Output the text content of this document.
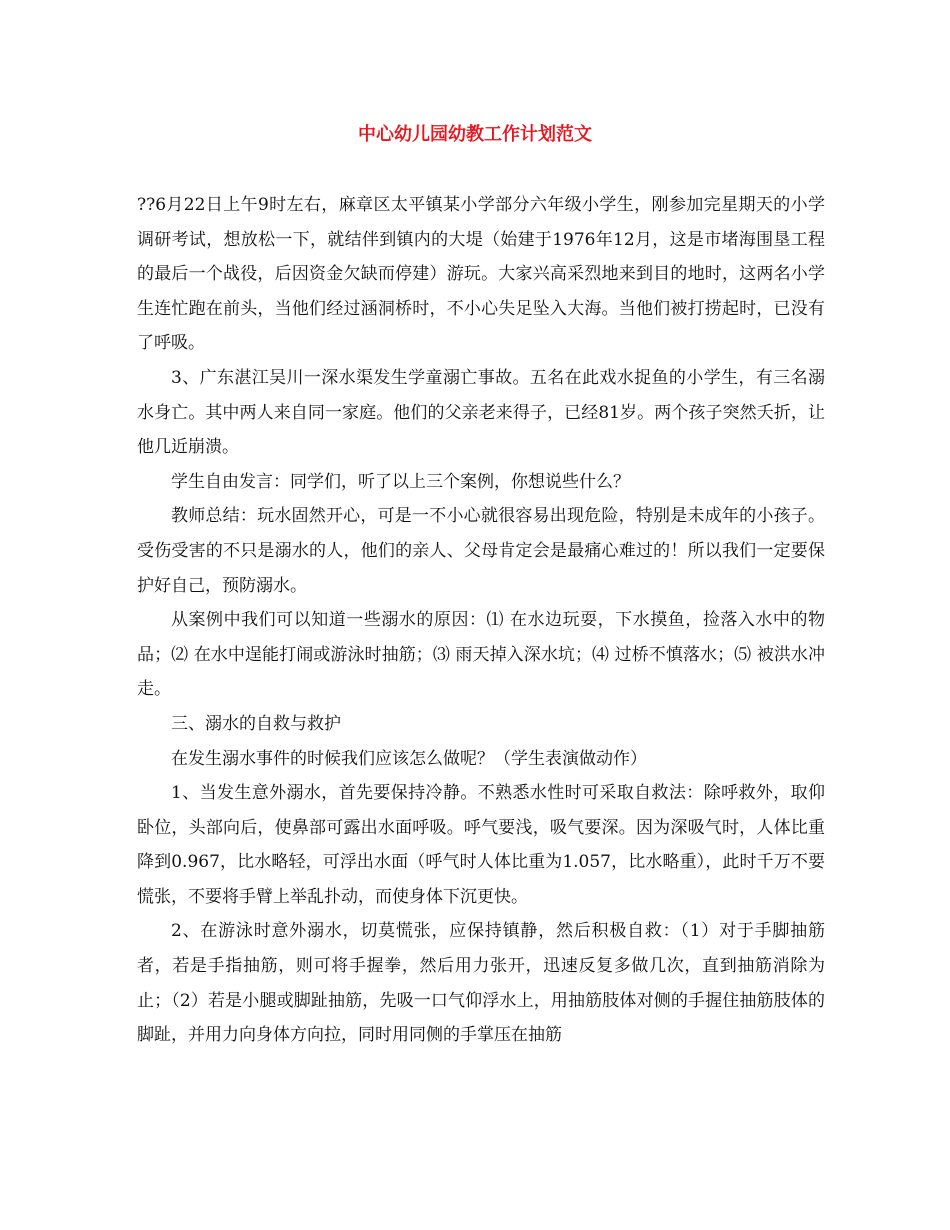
中心幼儿园幼教工作计划范文

??6月22日上午9时左右，麻章区太平镇某小学部分六年级小学生，刚参加完星期天的小学调研考试，想放松一下，就结伴到镇内的大堤（始建于1976年12月，这是市堵海围垦工程的最后一个战役，后因资金欠缺而停建）游玩。大家兴高采烈地来到目的地时，这两名小学生连忙跑在前头，当他们经过涵洞桥时，不小心失足坠入大海。当他们被打捞起时，已没有了呼吸。

3、广东湛江吴川一深水渠发生学童溺亡事故。五名在此戏水捉鱼的小学生，有三名溺水身亡。其中两人来自同一家庭。他们的父亲老来得子，已经81岁。两个孩子突然夭折，让他几近崩溃。

学生自由发言：同学们，听了以上三个案例，你想说些什么？

教师总结：玩水固然开心，可是一不小心就很容易出现危险，特别是未成年的小孩子。受伤受害的不只是溺水的人，他们的亲人、父母肯定会是最痛心难过的！所以我们一定要保护好自己，预防溺水。

从案例中我们可以知道一些溺水的原因：⑴ 在水边玩耍，下水摸鱼，捡落入水中的物品；⑵ 在水中逞能打闹或游泳时抽筋；⑶ 雨天掉入深水坑；⑷ 过桥不慎落水；⑸ 被洪水冲走。

三、溺水的自救与救护

在发生溺水事件的时候我们应该怎么做呢？（学生表演做动作）

1、当发生意外溺水，首先要保持冷静。不熟悉水性时可采取自救法：除呼救外，取仰卧位，头部向后，使鼻部可露出水面呼吸。呼气要浅，吸气要深。因为深吸气时，人体比重降到0.967，比水略轻，可浮出水面（呼气时人体比重为1.057，比水略重），此时千万不要慌张，不要将手臂上举乱扑动，而使身体下沉更快。

2、在游泳时意外溺水，切莫慌张，应保持镇静，然后积极自救：（1）对于手脚抽筋者，若是手指抽筋，则可将手握拳，然后用力张开，迅速反复多做几次，直到抽筋消除为止；（2）若是小腿或脚趾抽筋，先吸一口气仰浮水上，用抽筋肢体对侧的手握住抽筋肢体的脚趾，并用力向身体方向拉，同时用同侧的手掌压在抽筋
